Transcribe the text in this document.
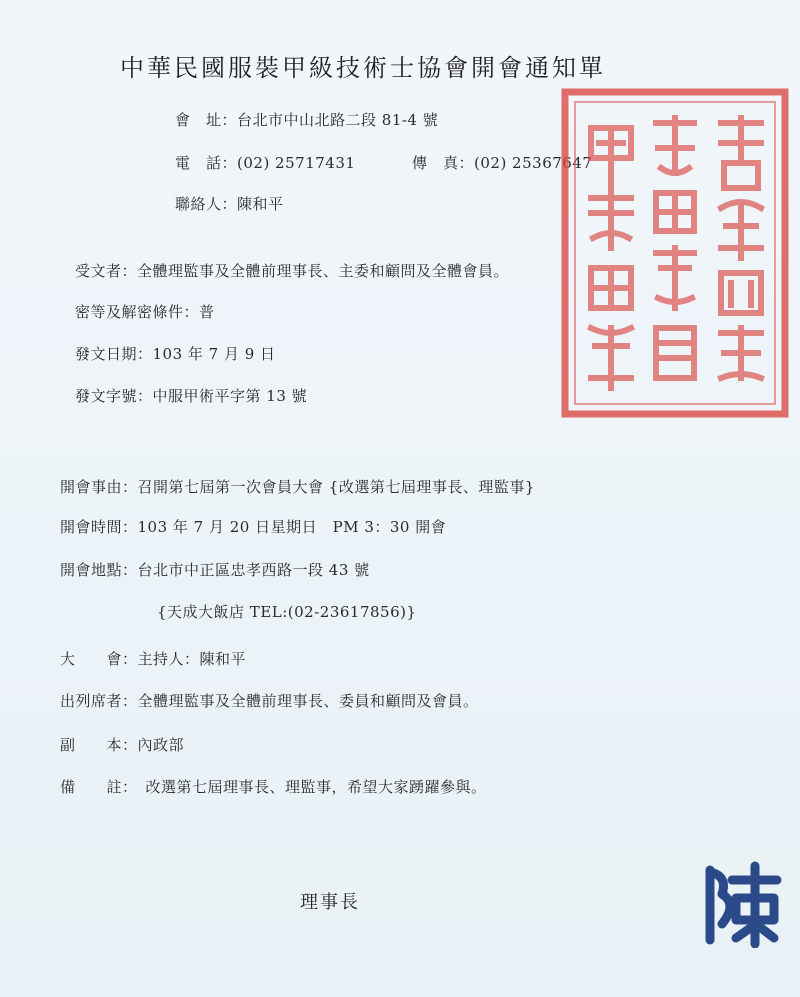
中華民國服裝甲級技術士協會開會通知單
會　址：台北市中山北路二段 81-4 號
電　話：(02) 25717431	傳　真：(02) 25367647
聯絡人：陳和平
受文者：全體理監事及全體前理事長、主委和顧問及全體會員。
密等及解密條件：普
發文日期：103 年 7 月 9 日
發文字號：中服甲術平字第 13 號
開會事由：召開第七屆第一次會員大會 {改選第七屆理事長、理監事}
開會時間：103 年 7 月 20 日星期日　PM 3：30 開會
開會地點：台北市中正區忠孝西路一段 43 號
{天成大飯店 TEL:(02-23617856)}
大　　會：主持人：陳和平
出列席者：全體理監事及全體前理事長、委員和顧問及會員。
副　　本：內政部
備　　註：　改選第七屆理事長、理監事，希望大家踴躍參與。
理事長
